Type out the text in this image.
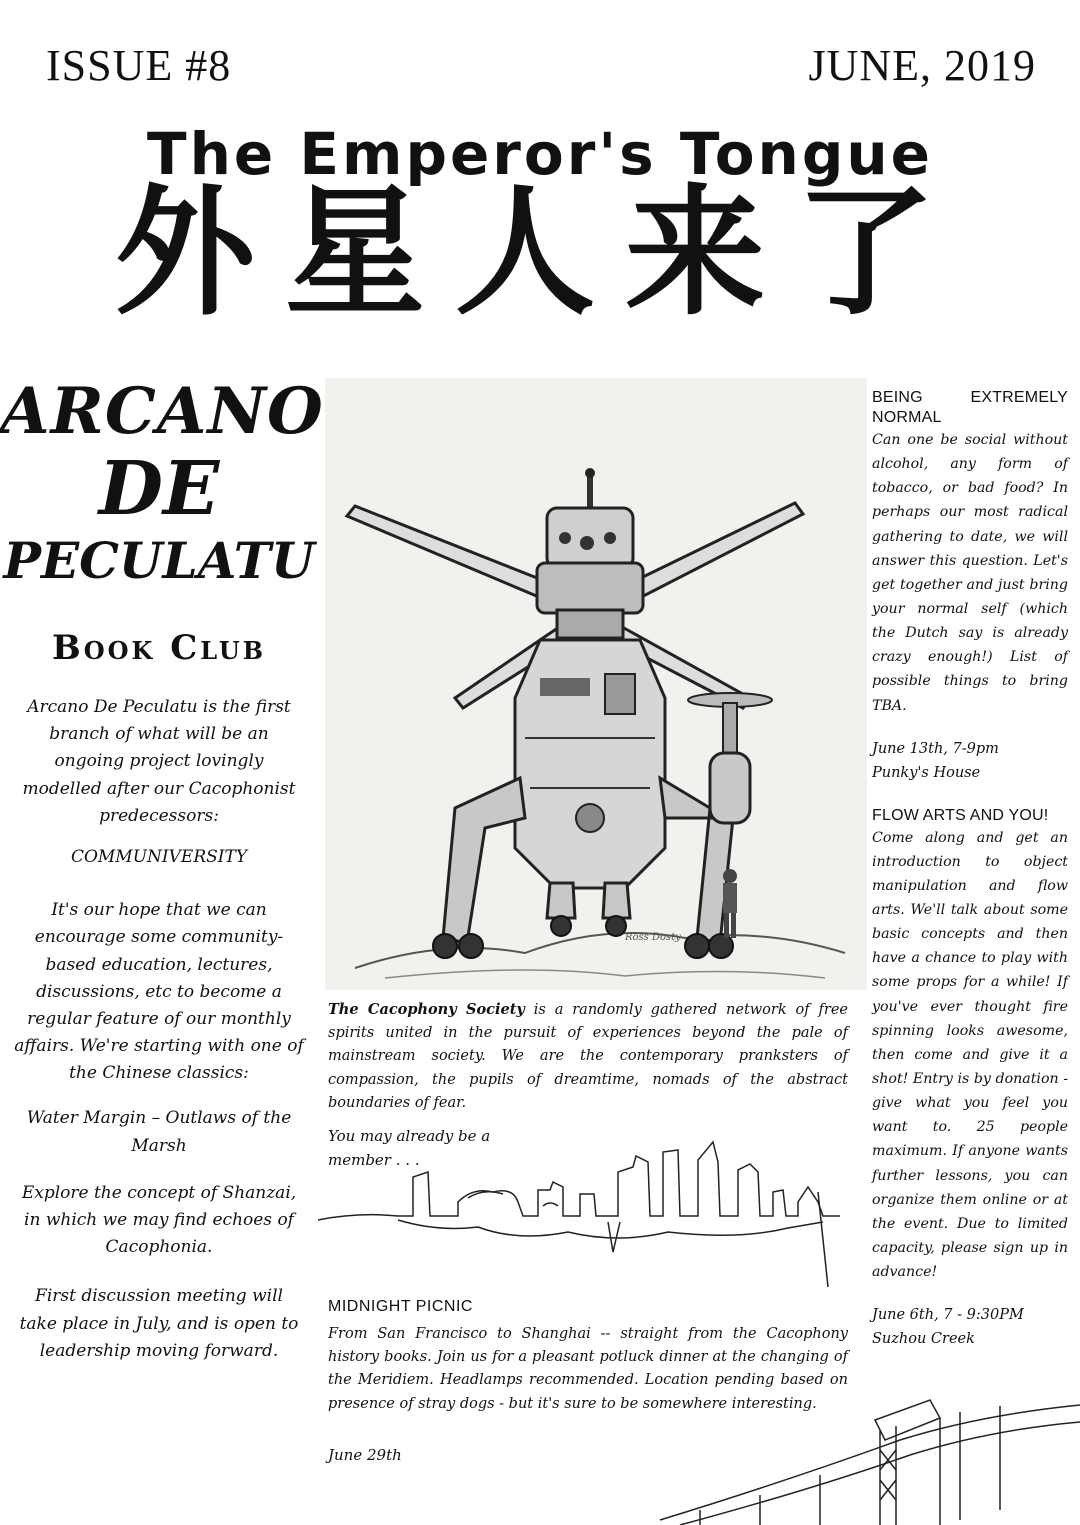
ISSUE #8	JUNE, 2019
The Emperor's Tongue
外星人来了
ARCANO
DE
PECULATU
Book Club
Arcano De Peculatu is the first branch of what will be an ongoing project lovingly modelled after our Cacophonist predecessors:
COMMUNIVERSITY
It's our hope that we can encourage some community-based education, lectures, discussions, etc to become a regular feature of our monthly affairs. We're starting with one of the Chinese classics:
Water Margin – Outlaws of the Marsh
Explore the concept of Shanzai, in which we may find echoes of Cacophonia.
First discussion meeting will take place in July, and is open to leadership moving forward.
Ross Dosty
The Cacophony Society is a randomly gathered network of free spirits united in the pursuit of experiences beyond the pale of mainstream society. We are the contemporary pranksters of compassion, the pupils of dreamtime, nomads of the abstract boundaries of fear.
You may already be a member . . .
MIDNIGHT PICNIC
From San Francisco to Shanghai -- straight from the Cacophony history books. Join us for a pleasant potluck dinner at the changing of the Meridiem. Headlamps recommended. Location pending based on presence of stray dogs - but it's sure to be somewhere interesting.
June 29th
BEING EXTREMELY NORMAL
Can one be social without alcohol, any form of tobacco, or bad food? In perhaps our most radical gathering to date, we will answer this question. Let's get together and just bring your normal self (which the Dutch say is already crazy enough!) List of possible things to bring TBA.
June 13th, 7-9pm
Punky's House
FLOW ARTS AND YOU!
Come along and get an introduction to object manipulation and flow arts. We'll talk about some basic concepts and then have a chance to play with some props for a while! If you've ever thought fire spinning looks awesome, then come and give it a shot! Entry is by donation - give what you feel you want to. 25 people maximum. If anyone wants further lessons, you can organize them online or at the event. Due to limited capacity, please sign up in advance!
June 6th, 7 - 9:30PM
Suzhou Creek
